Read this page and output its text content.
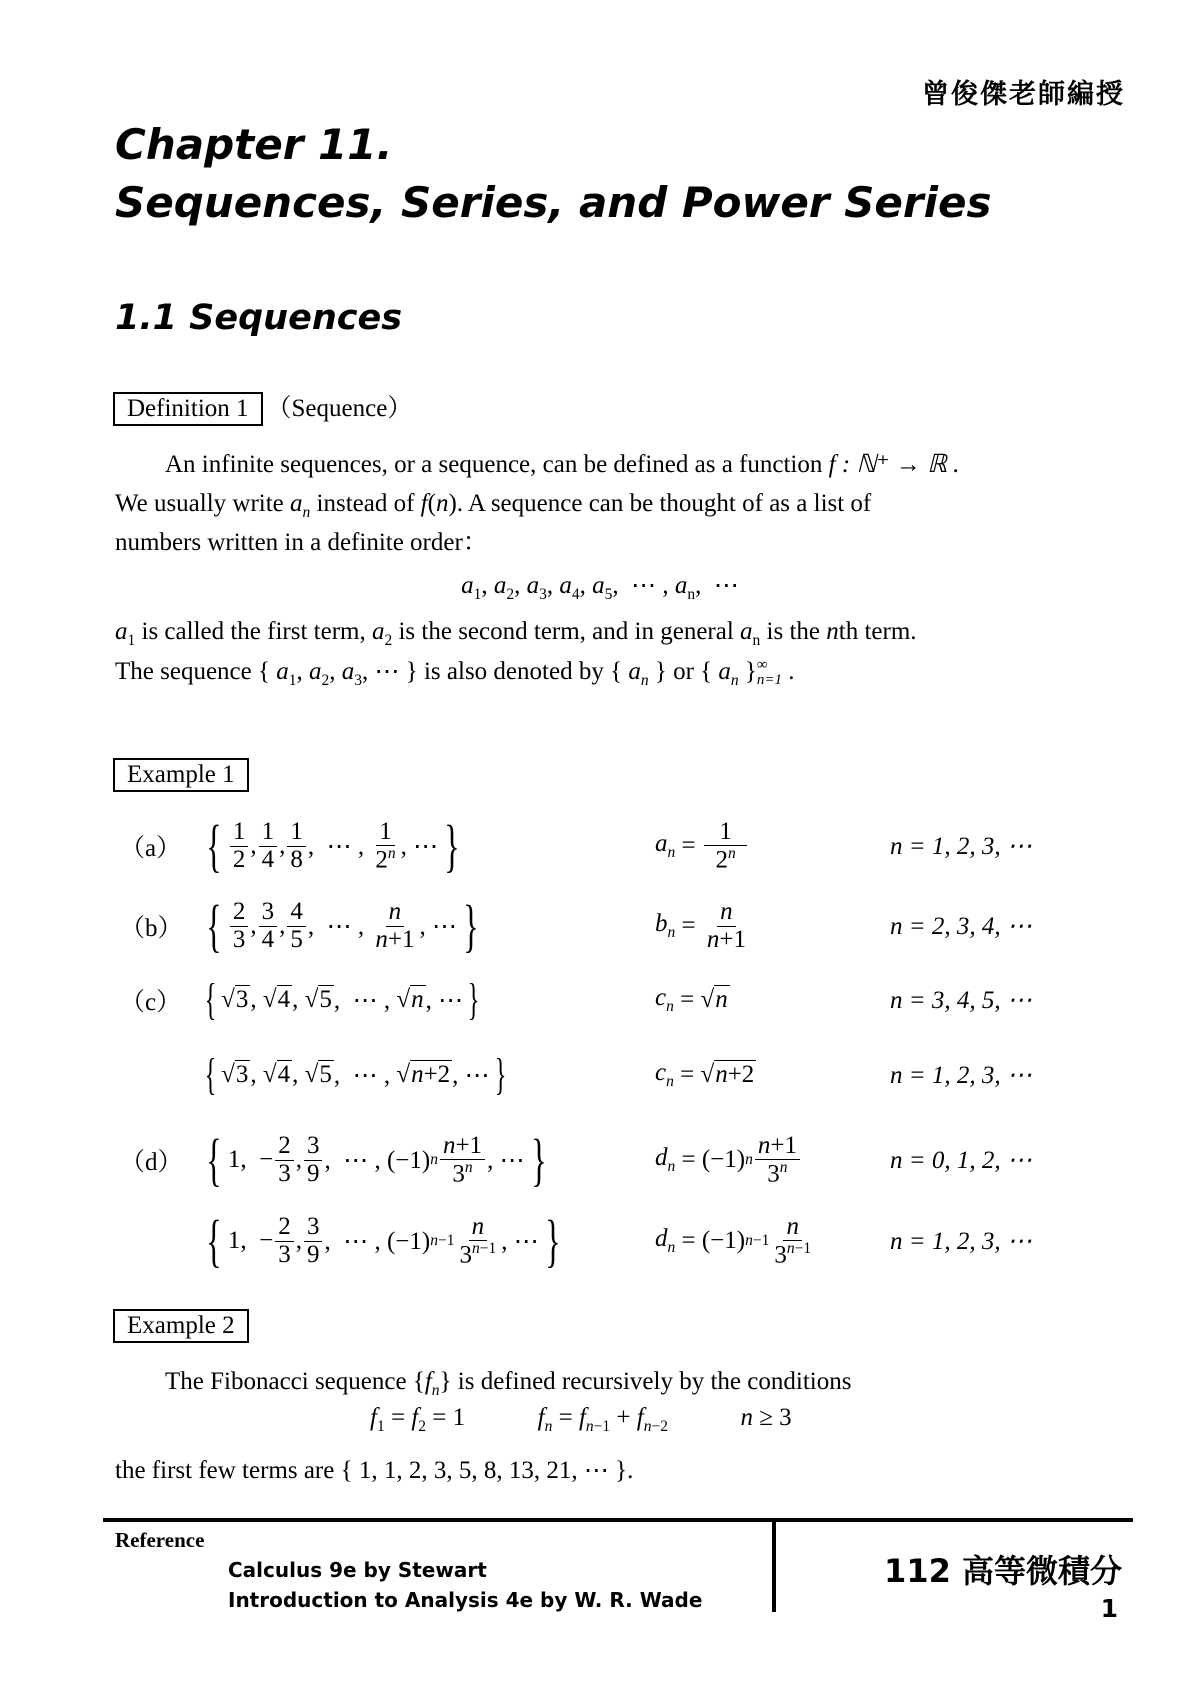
曾俊傑老師編授
Chapter 11.
Sequences, Series, and Power Series
1.1 Sequences
Definition 1 （Sequence）
An infinite sequences, or a sequence, can be defined as a function f : ℕ⁺ → ℝ .
We usually write $a_n$ instead of f(n). A sequence can be thought of as a list of
numbers written in a definite order：
$a_1$, $a_2$, $a_3$, $a_4$, $a_5$,  ⋯ , $a_n$,  ⋯
$a_1$ is called the first term, $a_2$ is the second term, and in general $a_n$ is the nth term.
The sequence { $a_1$, $a_2$, $a_3$, ⋯ } is also denoted by { $a_n$ } or { $a_n$ } ∞
n=1 .
Example 1
（a） { $\frac{1}{2}$ , $\frac{1}{4}$ , $\frac{1}{8}$ ,  ⋯ , $\frac{1}{2^n}$ , ⋯ }	$a_n = \frac{1}{2^n}$	n = 1, 2, 3, ⋯
（b） { $\frac{2}{3}$ , $\frac{3}{4}$ , $\frac{4}{5}$ ,  ⋯ , $\frac{n}{n+1}$ , ⋯ }	$b_n = \frac{n}{n+1}$	n = 2, 3, 4, ⋯
（c） { √3 , √4 , √5 ,  ⋯ , √n , ⋯ }	$c_n = √n$	n = 3, 4, 5, ⋯
{ √3 , √4 , √5 ,  ⋯ , √n+2 , ⋯ }	$c_n = √n+2$	n = 1, 2, 3, ⋯
（d） { 1,  − $\frac{2}{3}$ , $\frac{3}{9}$ ,  ⋯ , (−1) n $\frac{n+1}{3^n}$ , ⋯ }	$d_n = (-1)$ n $\frac{n+1}{3^n}$	n = 0, 1, 2, ⋯
{ 1,  − $\frac{2}{3}$ , $\frac{3}{9}$ ,  ⋯ , (−1) $n-1 \frac{n}{3^{n-1}}$ , ⋯ }	$d_n = (-1)$ $n-1 \frac{n}{3^{n-1}}$	n = 1, 2, 3, ⋯
Example 2
The Fibonacci sequence $\{f_n\}$ is defined recursively by the conditions
$f_1 = f_2 = 1$	$f_n = f_{n-1} + f_{n-2}$	n ≥ 3
the first few terms are { 1, 1, 2, 3, 5, 8, 13, 21, ⋯ }.
Reference
Calculus 9e by Stewart
Introduction to Analysis 4e by W. R. Wade
112 高等微積分
1
